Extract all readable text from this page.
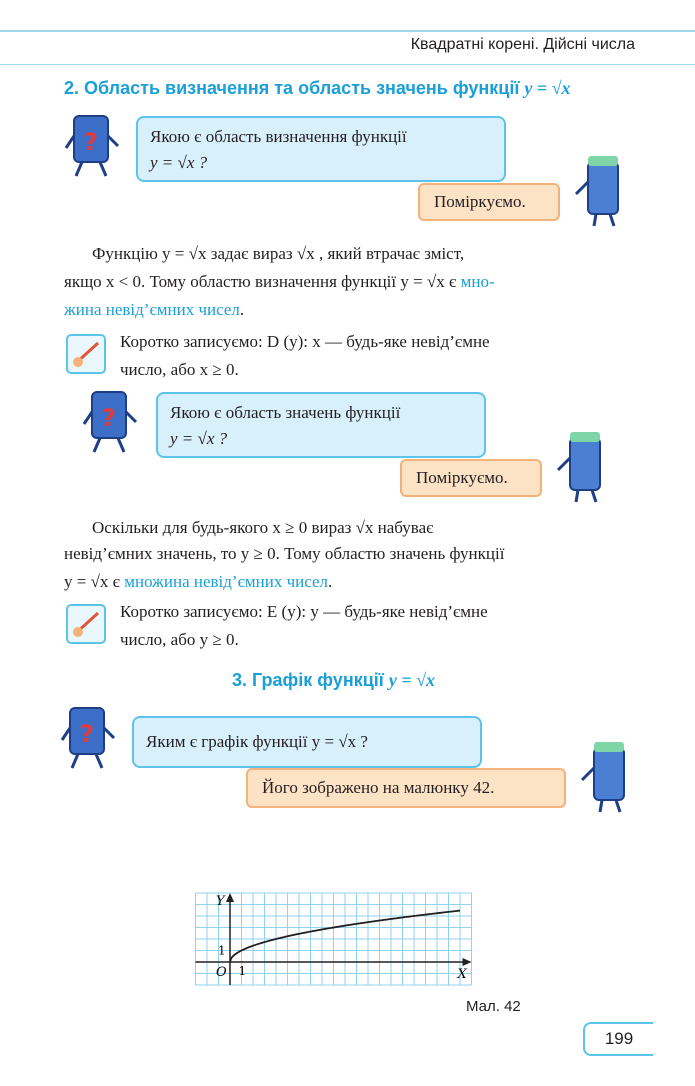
Квадратні корені. Дійсні числа
2. Область визначення та область значень функції y = √x
?	Якою є область визначення функції
y = √x ?
Поміркуємо.
Функцію y = √x задає вираз √x , який втрачає зміст,
якщо x < 0. Тому областю визначення функції y = √x є мно-
жина невід’ємних чисел.
Коротко записуємо: D (y): x — будь-яке невід’ємне
число, або x ≥ 0.
?	Якою є область значень функції
y = √x ?
Поміркуємо.
Оскільки для будь-якого x ≥ 0 вираз √x набуває
невід’ємних значень, то y ≥ 0. Тому областю значень функції
y = √x є множина невід’ємних чисел.
Коротко записуємо: E (y): y — будь-яке невід’ємне
число, або y ≥ 0.
3. Графік функції y = √x
?	Яким є графік функції y = √x ?
Його зображено на малюнку 42.
Y
X
O 1
1
Мал. 42
199
